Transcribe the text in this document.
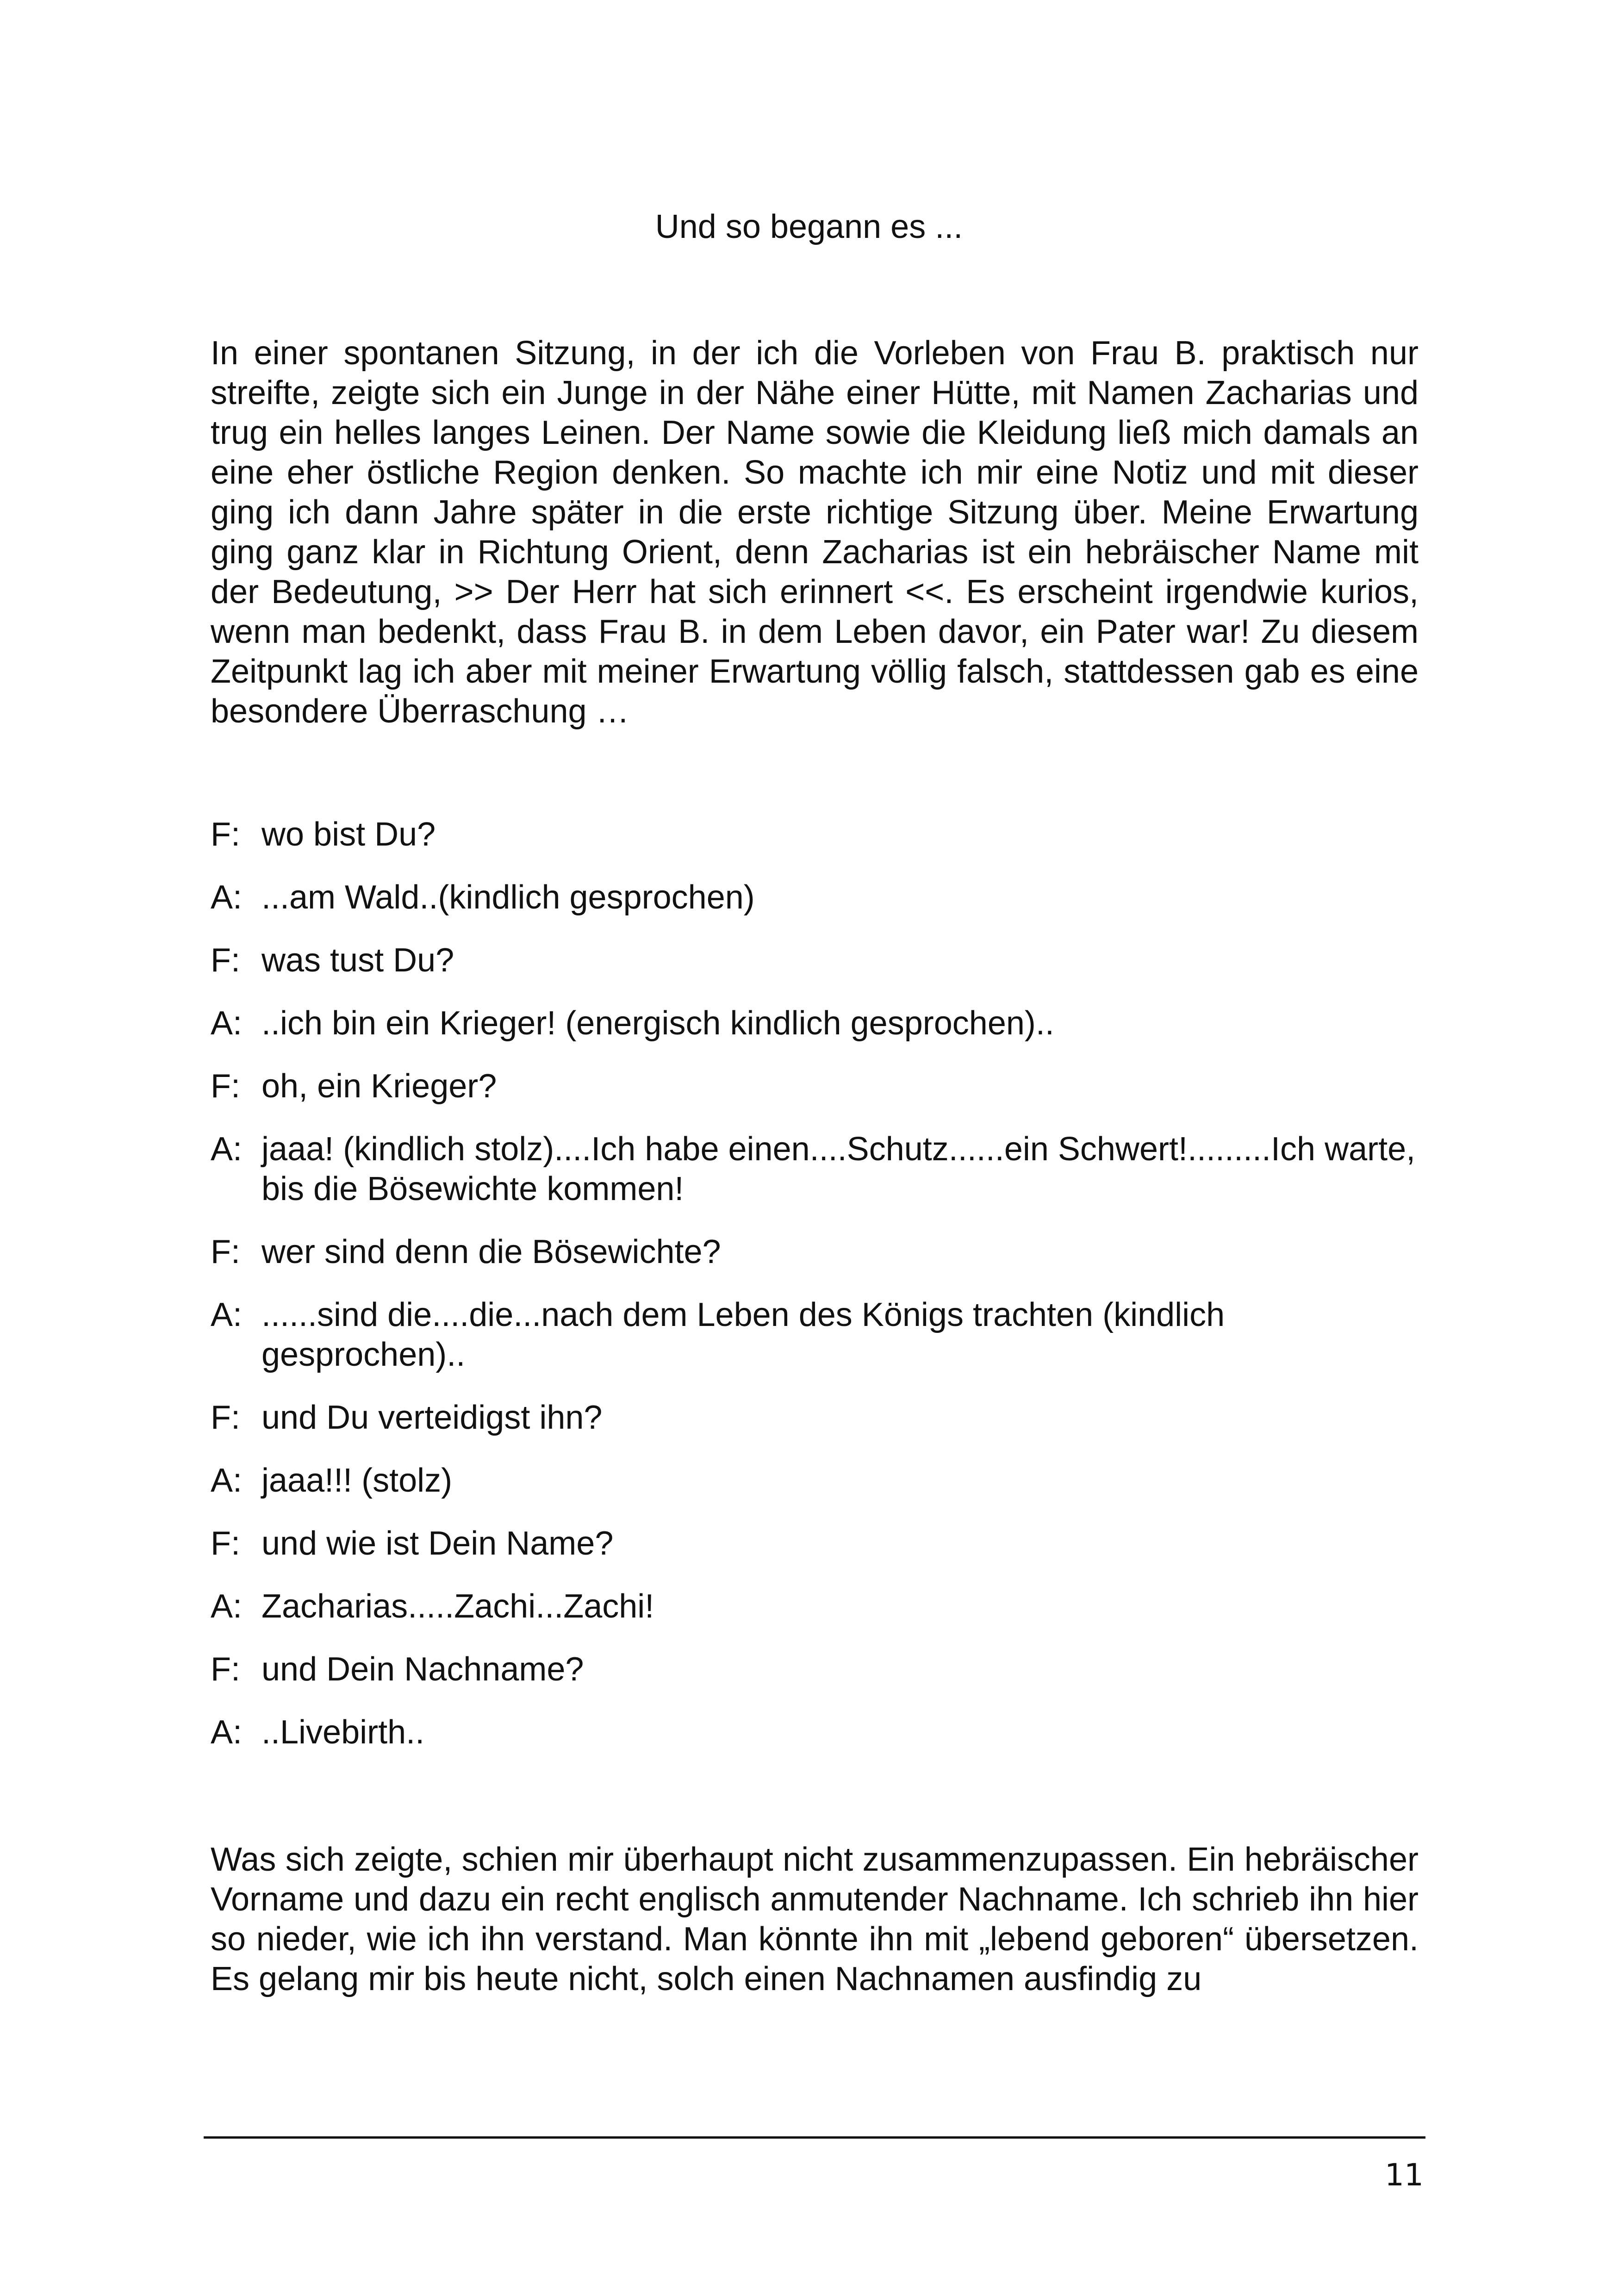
Und so begann es ...

In einer spontanen Sitzung, in der ich die Vorleben von Frau B. praktisch nur streifte, zeigte sich ein Junge in der Nähe einer Hütte, mit Namen Zacharias und trug ein helles langes Leinen. Der Name sowie die Kleidung ließ mich damals an eine eher östliche Region denken. So machte ich mir eine Notiz und mit dieser ging ich dann Jahre später in die erste richtige Sitzung über. Meine Erwartung ging ganz klar in Richtung Orient, denn Zacharias ist ein hebräischer Name mit der Bedeutung, >> Der Herr hat sich erinnert <<. Es erscheint irgendwie kurios, wenn man bedenkt, dass Frau B. in dem Leben davor, ein Pater war! Zu diesem Zeitpunkt lag ich aber mit meiner Erwartung völlig falsch, stattdessen gab es eine besondere Überraschung …

F: wo bist Du?
A: ...am Wald..(kindlich gesprochen)
F: was tust Du?
A: ..ich bin ein Krieger! (energisch kindlich gesprochen)..
F: oh, ein Krieger?
A: jaaa! (kindlich stolz)....Ich habe einen....Schutz......ein Schwert!.........Ich warte, bis die Bösewichte kommen!
F: wer sind denn die Bösewichte?
A: ......sind die....die...nach dem Leben des Königs trachten (kindlich gesprochen)..
F: und Du verteidigst ihn?
A: jaaa!!! (stolz)
F: und wie ist Dein Name?
A: Zacharias.....Zachi...Zachi!
F: und Dein Nachname?
A: ..Livebirth..

Was sich zeigte, schien mir überhaupt nicht zusammenzupassen. Ein hebräischer Vorname und dazu ein recht englisch anmutender Nachname. Ich schrieb ihn hier so nieder, wie ich ihn verstand. Man könnte ihn mit „lebend geboren“ übersetzen. Es gelang mir bis heute nicht, solch einen Nachnamen ausfindig zu

11
